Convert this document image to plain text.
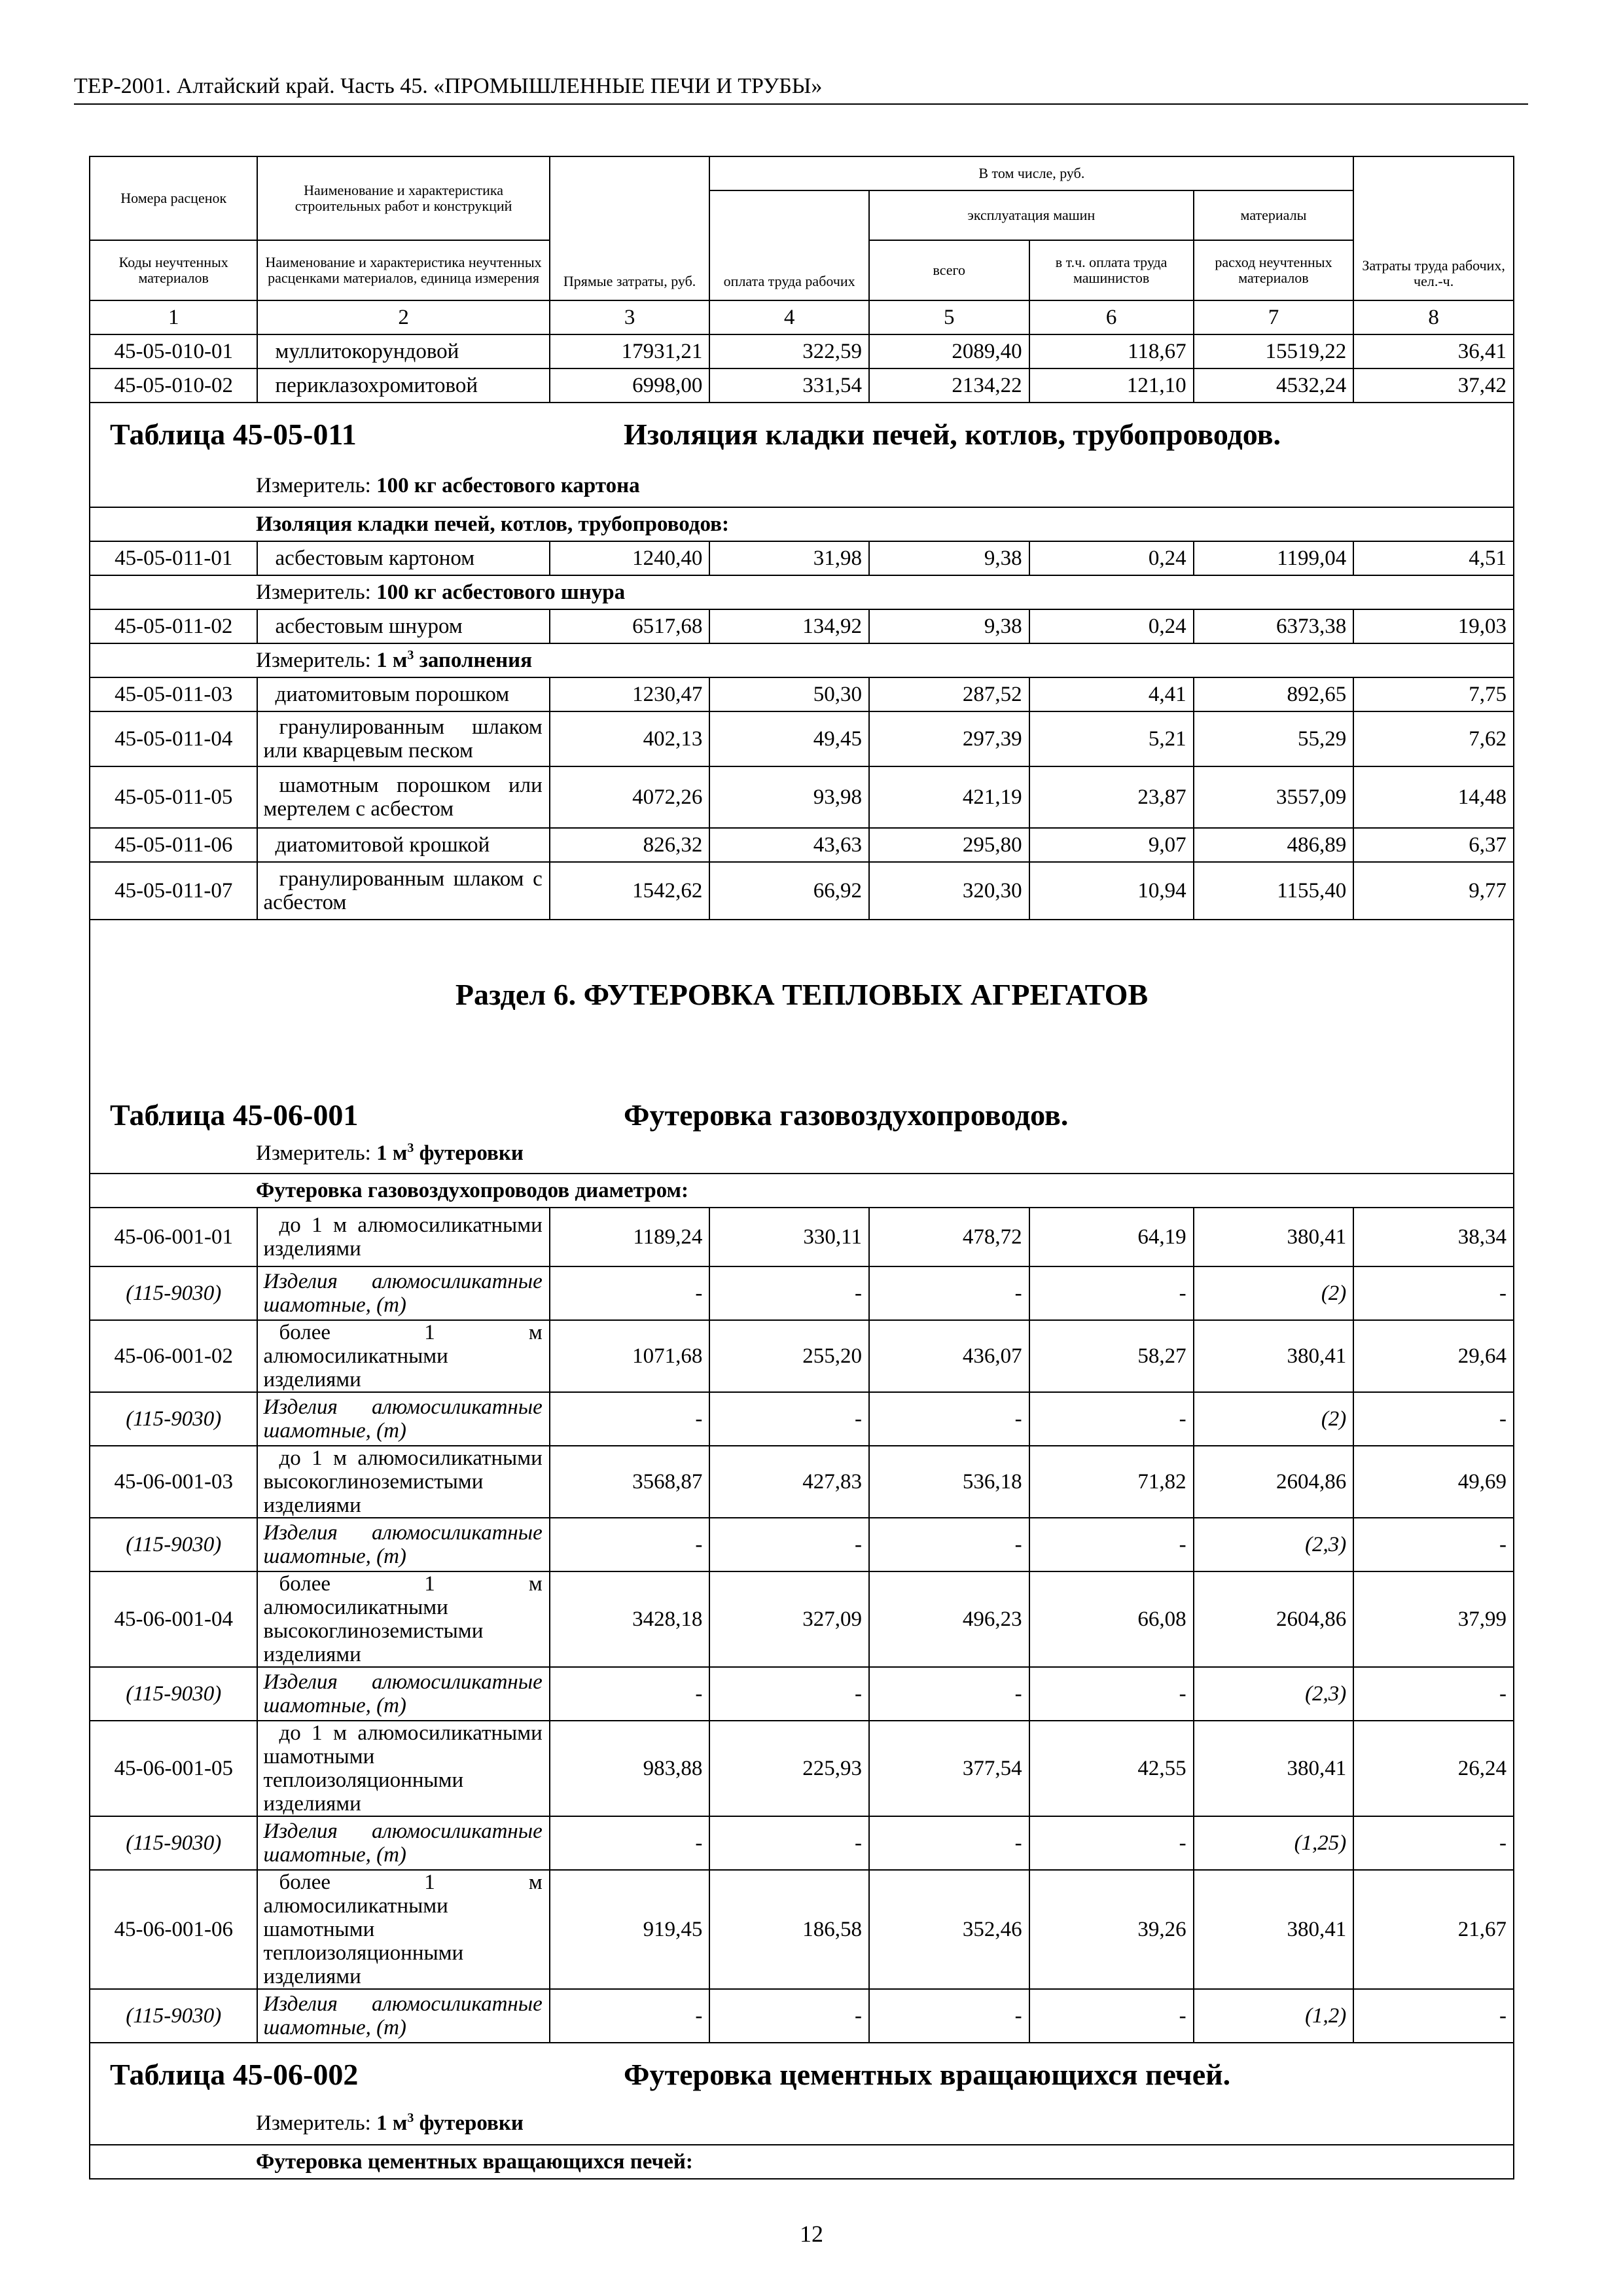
ТЕР-2001. Алтайский край. Часть 45. «ПРОМЫШЛЕННЫЕ ПЕЧИ И ТРУБЫ»
Номера расценок	Наименование и характеристика строительных работ и конструкций	Прямые затраты, руб.	В том числе, руб.				Затраты труда рабочих, чел.-ч.
			оплата труда рабочих	эксплуатация машин		материалы	
Коды неучтенных материалов	Наименование и характеристика неучтенных расценками материалов, единица измерения			всего	в т.ч. оплата труда машинистов	расход неучтенных материалов	

1	2	3	4	5	6	7	8
45-05-010-01	муллитокорундовой	17931,21	322,59	2089,40	118,67	15519,22	36,41
45-05-010-02	периклазохромитовой	6998,00	331,54	2134,22	121,10	4532,24	37,42

Таблица 45-05-011 Изоляция кладки печей, котлов, трубопроводов.
Измеритель: 100 кг асбестового картона							

Изоляция кладки печей, котлов, трубопроводов:							
45-05-011-01	асбестовым картоном	1240,40	31,98	9,38	0,24	1199,04	4,51
Измеритель: 100 кг асбестового шнура							
45-05-011-02	асбестовым шнуром	6517,68	134,92	9,38	0,24	6373,38	19,03
Измеритель: 1 $м^3$ заполнения							
45-05-011-03	диатомитовым порошком	1230,47	50,30	287,52	4,41	892,65	7,75
45-05-011-04	гранулированным шлаком или кварцевым песком	402,13	49,45	297,39	5,21	55,29	7,62
45-05-011-05	шамотным порошком или мертелем с асбестом	4072,26	93,98	421,19	23,87	3557,09	14,48
45-05-011-06	диатомитовой крошкой	826,32	43,63	295,80	9,07	486,89	6,37
45-05-011-07	гранулированным шлаком с асбестом	1542,62	66,92	320,30	10,94	1155,40	9,77

Раздел 6. ФУТЕРОВКА ТЕПЛОВЫХ АГРЕГАТОВ
Таблица 45-06-001 Футеровка газовоздухопроводов.
Измеритель: 1 $м^3$ футеровки							

Футеровка газовоздухопроводов диаметром:							
45-06-001-01	до 1 м алюмосиликатными изделиями	1189,24	330,11	478,72	64,19	380,41	38,34
(115-9030)	Изделия алюмосиликатные шамотные, (т)	-	-	-	-	(2)	-
45-06-001-02	более 1 м алюмосиликатными изделиями	1071,68	255,20	436,07	58,27	380,41	29,64
(115-9030)	Изделия алюмосиликатные шамотные, (т)	-	-	-	-	(2)	-
45-06-001-03	до 1 м алюмосиликатными высокоглиноземистыми изделиями	3568,87	427,83	536,18	71,82	2604,86	49,69
(115-9030)	Изделия алюмосиликатные шамотные, (т)	-	-	-	-	(2,3)	-
45-06-001-04	более 1 м алюмосиликатными высокоглиноземистыми изделиями	3428,18	327,09	496,23	66,08	2604,86	37,99
(115-9030)	Изделия алюмосиликатные шамотные, (т)	-	-	-	-	(2,3)	-
45-06-001-05	до 1 м алюмосиликатными шамотными теплоизоляционными изделиями	983,88	225,93	377,54	42,55	380,41	26,24
(115-9030)	Изделия алюмосиликатные шамотные, (т)	-	-	-	-	(1,25)	-
45-06-001-06	более 1 м алюмосиликатными шамотными теплоизоляционными изделиями	919,45	186,58	352,46	39,26	380,41	21,67
(115-9030)	Изделия алюмосиликатные шамотные, (т)	-	-	-	-	(1,2)	-

Таблица 45-06-002 Футеровка цементных вращающихся печей.
Измеритель: 1 $м^3$ футеровки							

Футеровка цементных вращающихся печей:							
12
